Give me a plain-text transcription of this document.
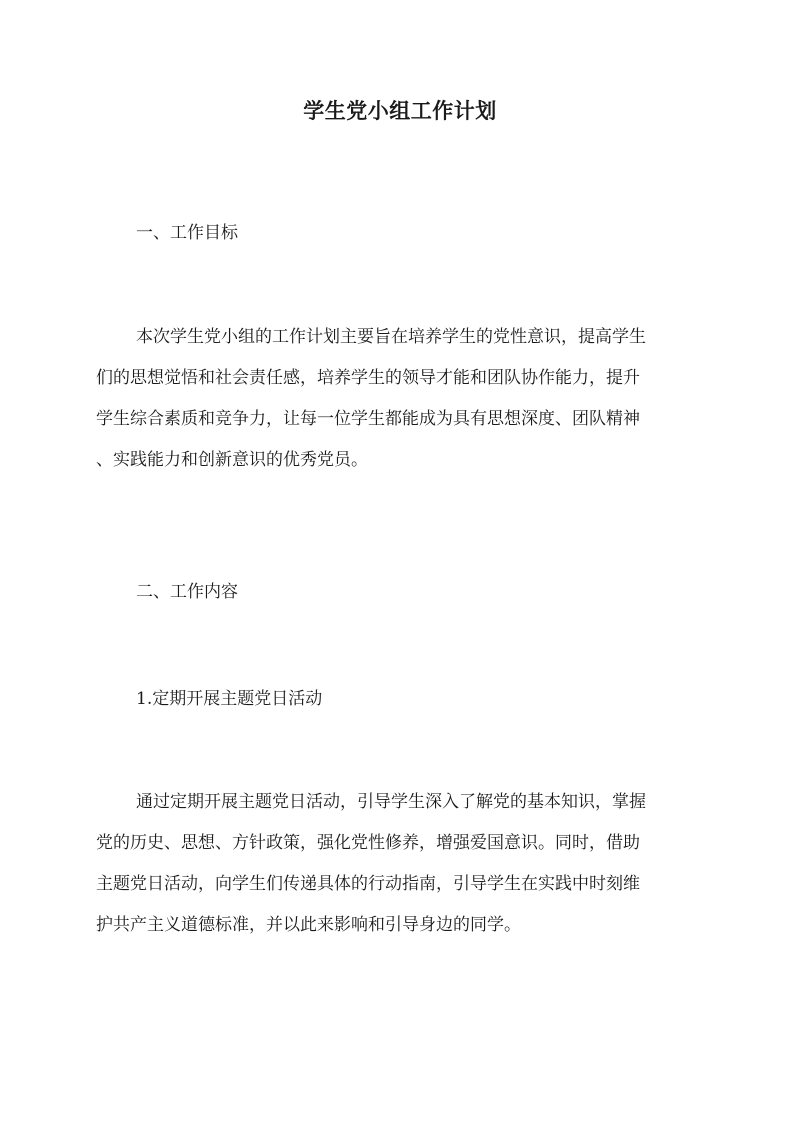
学生党小组工作计划
一、工作目标

本次学生党小组的工作计划主要旨在培养学生的党性意识，提高学生
们的思想觉悟和社会责任感，培养学生的领导才能和团队协作能力，提升
学生综合素质和竞争力，让每一位学生都能成为具有思想深度、团队精神
、实践能力和创新意识的优秀党员。

二、工作内容
1.定期开展主题党日活动

通过定期开展主题党日活动，引导学生深入了解党的基本知识，掌握
党的历史、思想、方针政策，强化党性修养，增强爱国意识。同时，借助
主题党日活动，向学生们传递具体的行动指南，引导学生在实践中时刻维
护共产主义道德标准，并以此来影响和引导身边的同学。
